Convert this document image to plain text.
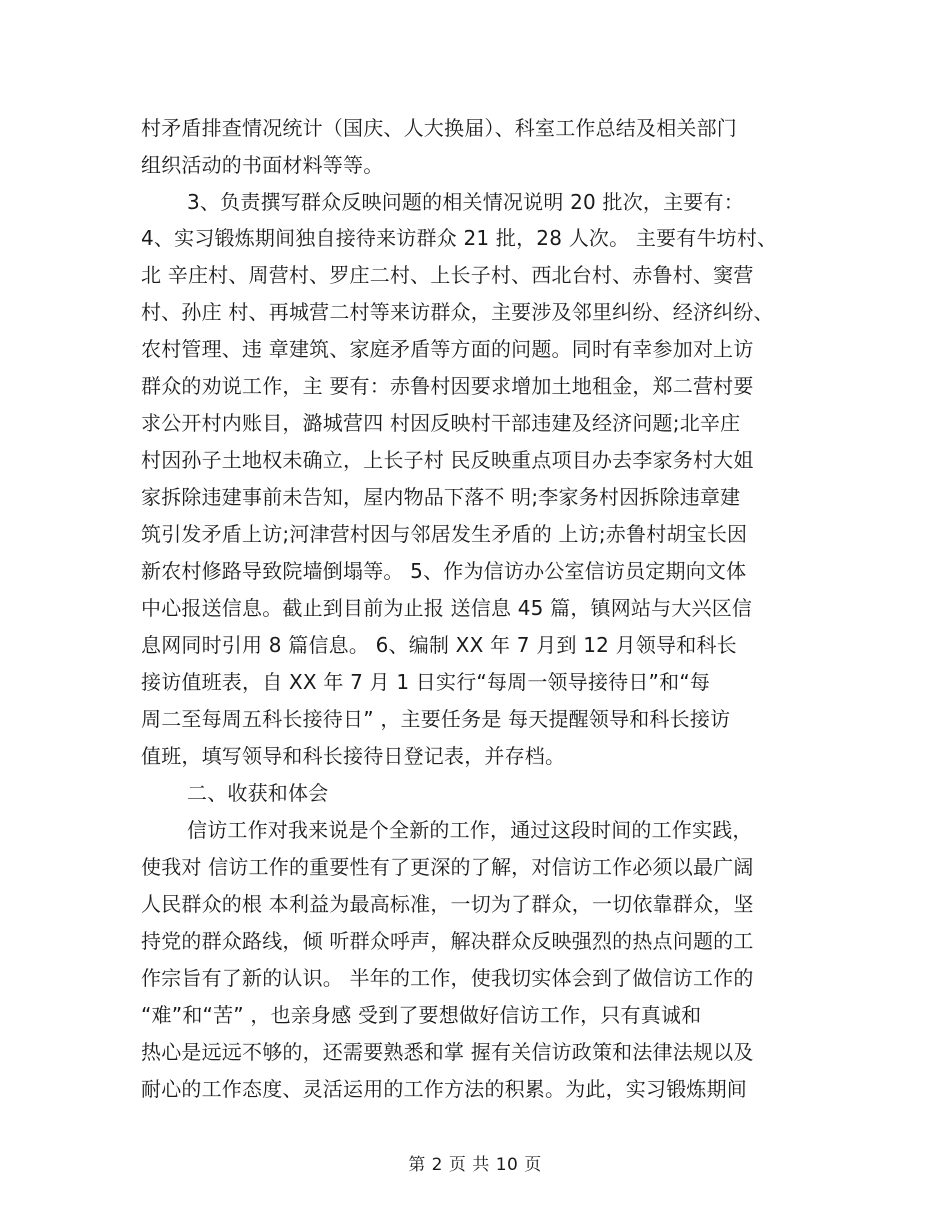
村矛盾排查情况统计（国庆、人大换届）、科室工作总结及相关部门
组织活动的书面材料等等。
3、负责撰写群众反映问题的相关情况说明 20 批次，主要有：
4、实习锻炼期间独自接待来访群众 21 批，28 人次。 主要有牛坊村、
北 辛庄村、周营村、罗庄二村、上长子村、西北台村、赤鲁村、窦营
村、孙庄 村、再城营二村等来访群众，主要涉及邻里纠纷、经济纠纷、
农村管理、违 章建筑、家庭矛盾等方面的问题。同时有幸参加对上访
群众的劝说工作，主 要有：赤鲁村因要求增加土地租金，郑二营村要
求公开村内账目，潞城营四 村因反映村干部违建及经济问题;北辛庄
村因孙子土地权未确立，上长子村 民反映重点项目办去李家务村大姐
家拆除违建事前未告知，屋内物品下落不 明;李家务村因拆除违章建
筑引发矛盾上访;河津营村因与邻居发生矛盾的 上访;赤鲁村胡宝长因
新农村修路导致院墙倒塌等。 5、作为信访办公室信访员定期向文体
中心报送信息。截止到目前为止报 送信息 45 篇，镇网站与大兴区信
息网同时引用 8 篇信息。 6、编制 XX 年 7 月到 12 月领导和科长
接访值班表，自 XX 年 7 月 1 日实行“每周一领导接待日”和“每
周二至每周五科长接待日” ，主要任务是 每天提醒领导和科长接访
值班，填写领导和科长接待日登记表，并存档。
二、收获和体会
信访工作对我来说是个全新的工作，通过这段时间的工作实践，
使我对 信访工作的重要性有了更深的了解，对信访工作必须以最广阔
人民群众的根 本利益为最高标准，一切为了群众，一切依靠群众，坚
持党的群众路线，倾 听群众呼声，解决群众反映强烈的热点问题的工
作宗旨有了新的认识。 半年的工作，使我切实体会到了做信访工作的
“难”和“苦” ，也亲身感 受到了要想做好信访工作，只有真诚和
热心是远远不够的，还需要熟悉和掌 握有关信访政策和法律法规以及
耐心的工作态度、灵活运用的工作方法的积累。为此，实习锻炼期间
第 2 页 共 10 页
